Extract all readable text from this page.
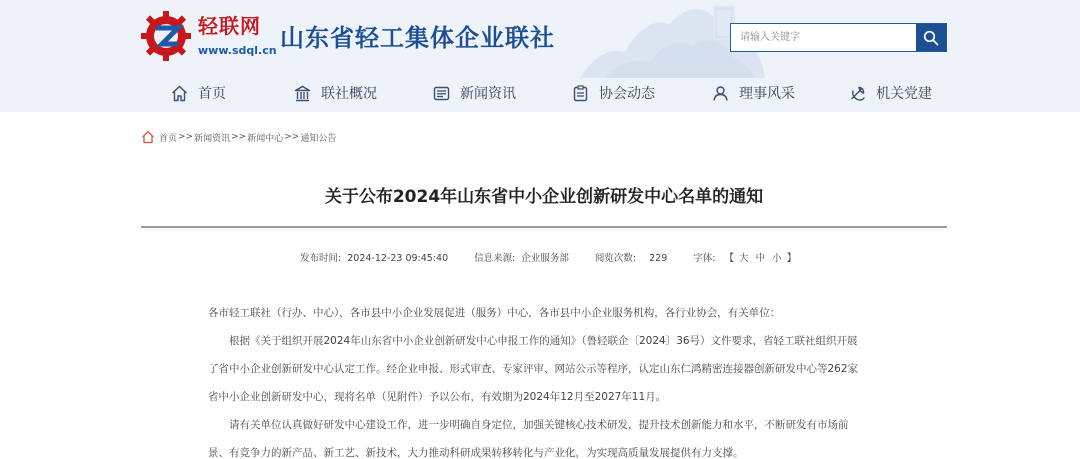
轻联网
www.sdql.cn 山东省轻工集体企业联社
请输入关键字
首页	联社概况	新闻资讯	协会动态	理事风采	机关党建
首页 >> 新闻资讯 >> 新闻中心 >> 通知公告
关于公布2024年山东省中小企业创新研发中心名单的通知
发布时间: 2024-12-23 09:45:40	信息来源: 企业服务部	阅览次数: 229	字体: 【 大 中 小 】

各市轻工联社（行办、中心），各市县中小企业发展促进（服务）中心，各市县中小企业服务机构，各行业协会，有关单位：

根据《关于组织开展2024年山东省中小企业创新研发中心申报工作的通知》（鲁轻联企〔2024〕36号）文件要求，省轻工联社组织开展

了省中小企业创新研发中心认定工作。经企业申报、形式审查、专家评审、网站公示等程序，认定山东仁鸿精密连接器创新研发中心等262家

省中小企业创新研发中心，现将名单（见附件）予以公布，有效期为2024年12月至2027年11月。

请有关单位认真做好研发中心建设工作，进一步明确自身定位，加强关键核心技术研发，提升技术创新能力和水平，不断研发有市场前

景、有竞争力的新产品、新工艺、新技术，大力推动科研成果转移转化与产业化，为实现高质量发展提供有力支撑。
